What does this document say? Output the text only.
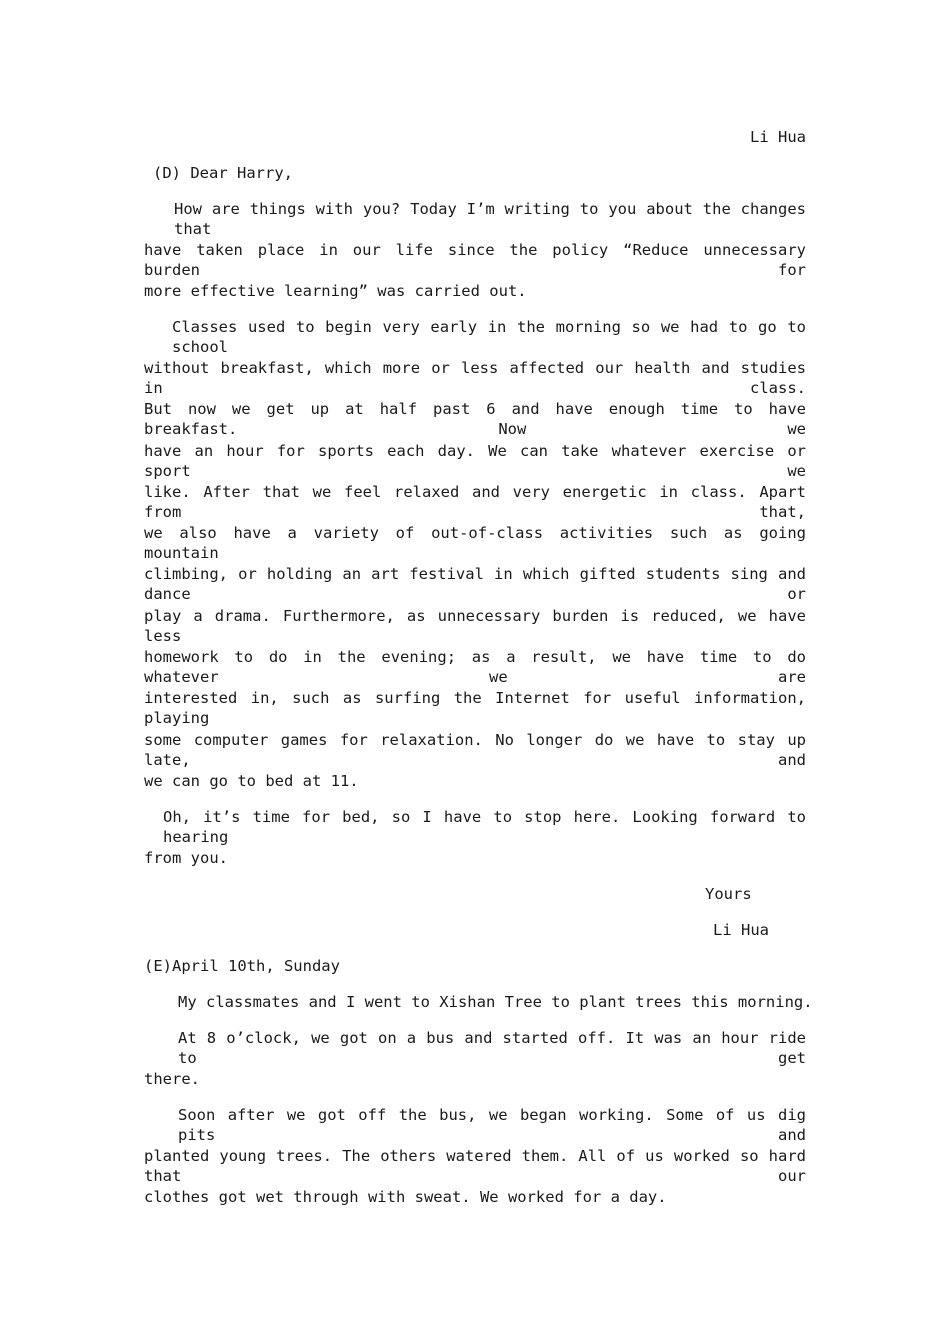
Li Hua
(D) Dear Harry,
How are things with you? Today I’m writing to you about the changes that
have taken place in our life since the policy “Reduce unnecessary burden for
more effective learning” was carried out.
Classes used to begin very early in the morning so we had to go to school
without breakfast, which more or less affected our health and studies in class.
But now we get up at half past 6 and have enough time to have breakfast. Now we
have an hour for sports each day. We can take whatever exercise or sport we
like. After that we feel relaxed and very energetic in class. Apart from that,
we also have a variety of out-of-class activities such as going mountain
climbing, or holding an art festival in which gifted students sing and dance or
play a drama. Furthermore, as unnecessary burden is reduced, we have less
homework to do in the evening; as a result, we have time to do whatever we are
interested in, such as surfing the Internet for useful information, playing
some computer games for relaxation. No longer do we have to stay up late, and
we can go to bed at 11.
Oh, it’s time for bed, so I have to stop here. Looking forward to hearing
from you.
Yours
Li Hua
(E)April 10th, Sunday
My classmates and I went to Xishan Tree to plant trees this morning.
At 8 o’clock, we got on a bus and started off. It was an hour ride to get
there.
Soon after we got off the bus, we began working. Some of us dig pits and
planted young trees. The others watered them. All of us worked so hard that our
clothes got wet through with sweat. We worked for a day.
